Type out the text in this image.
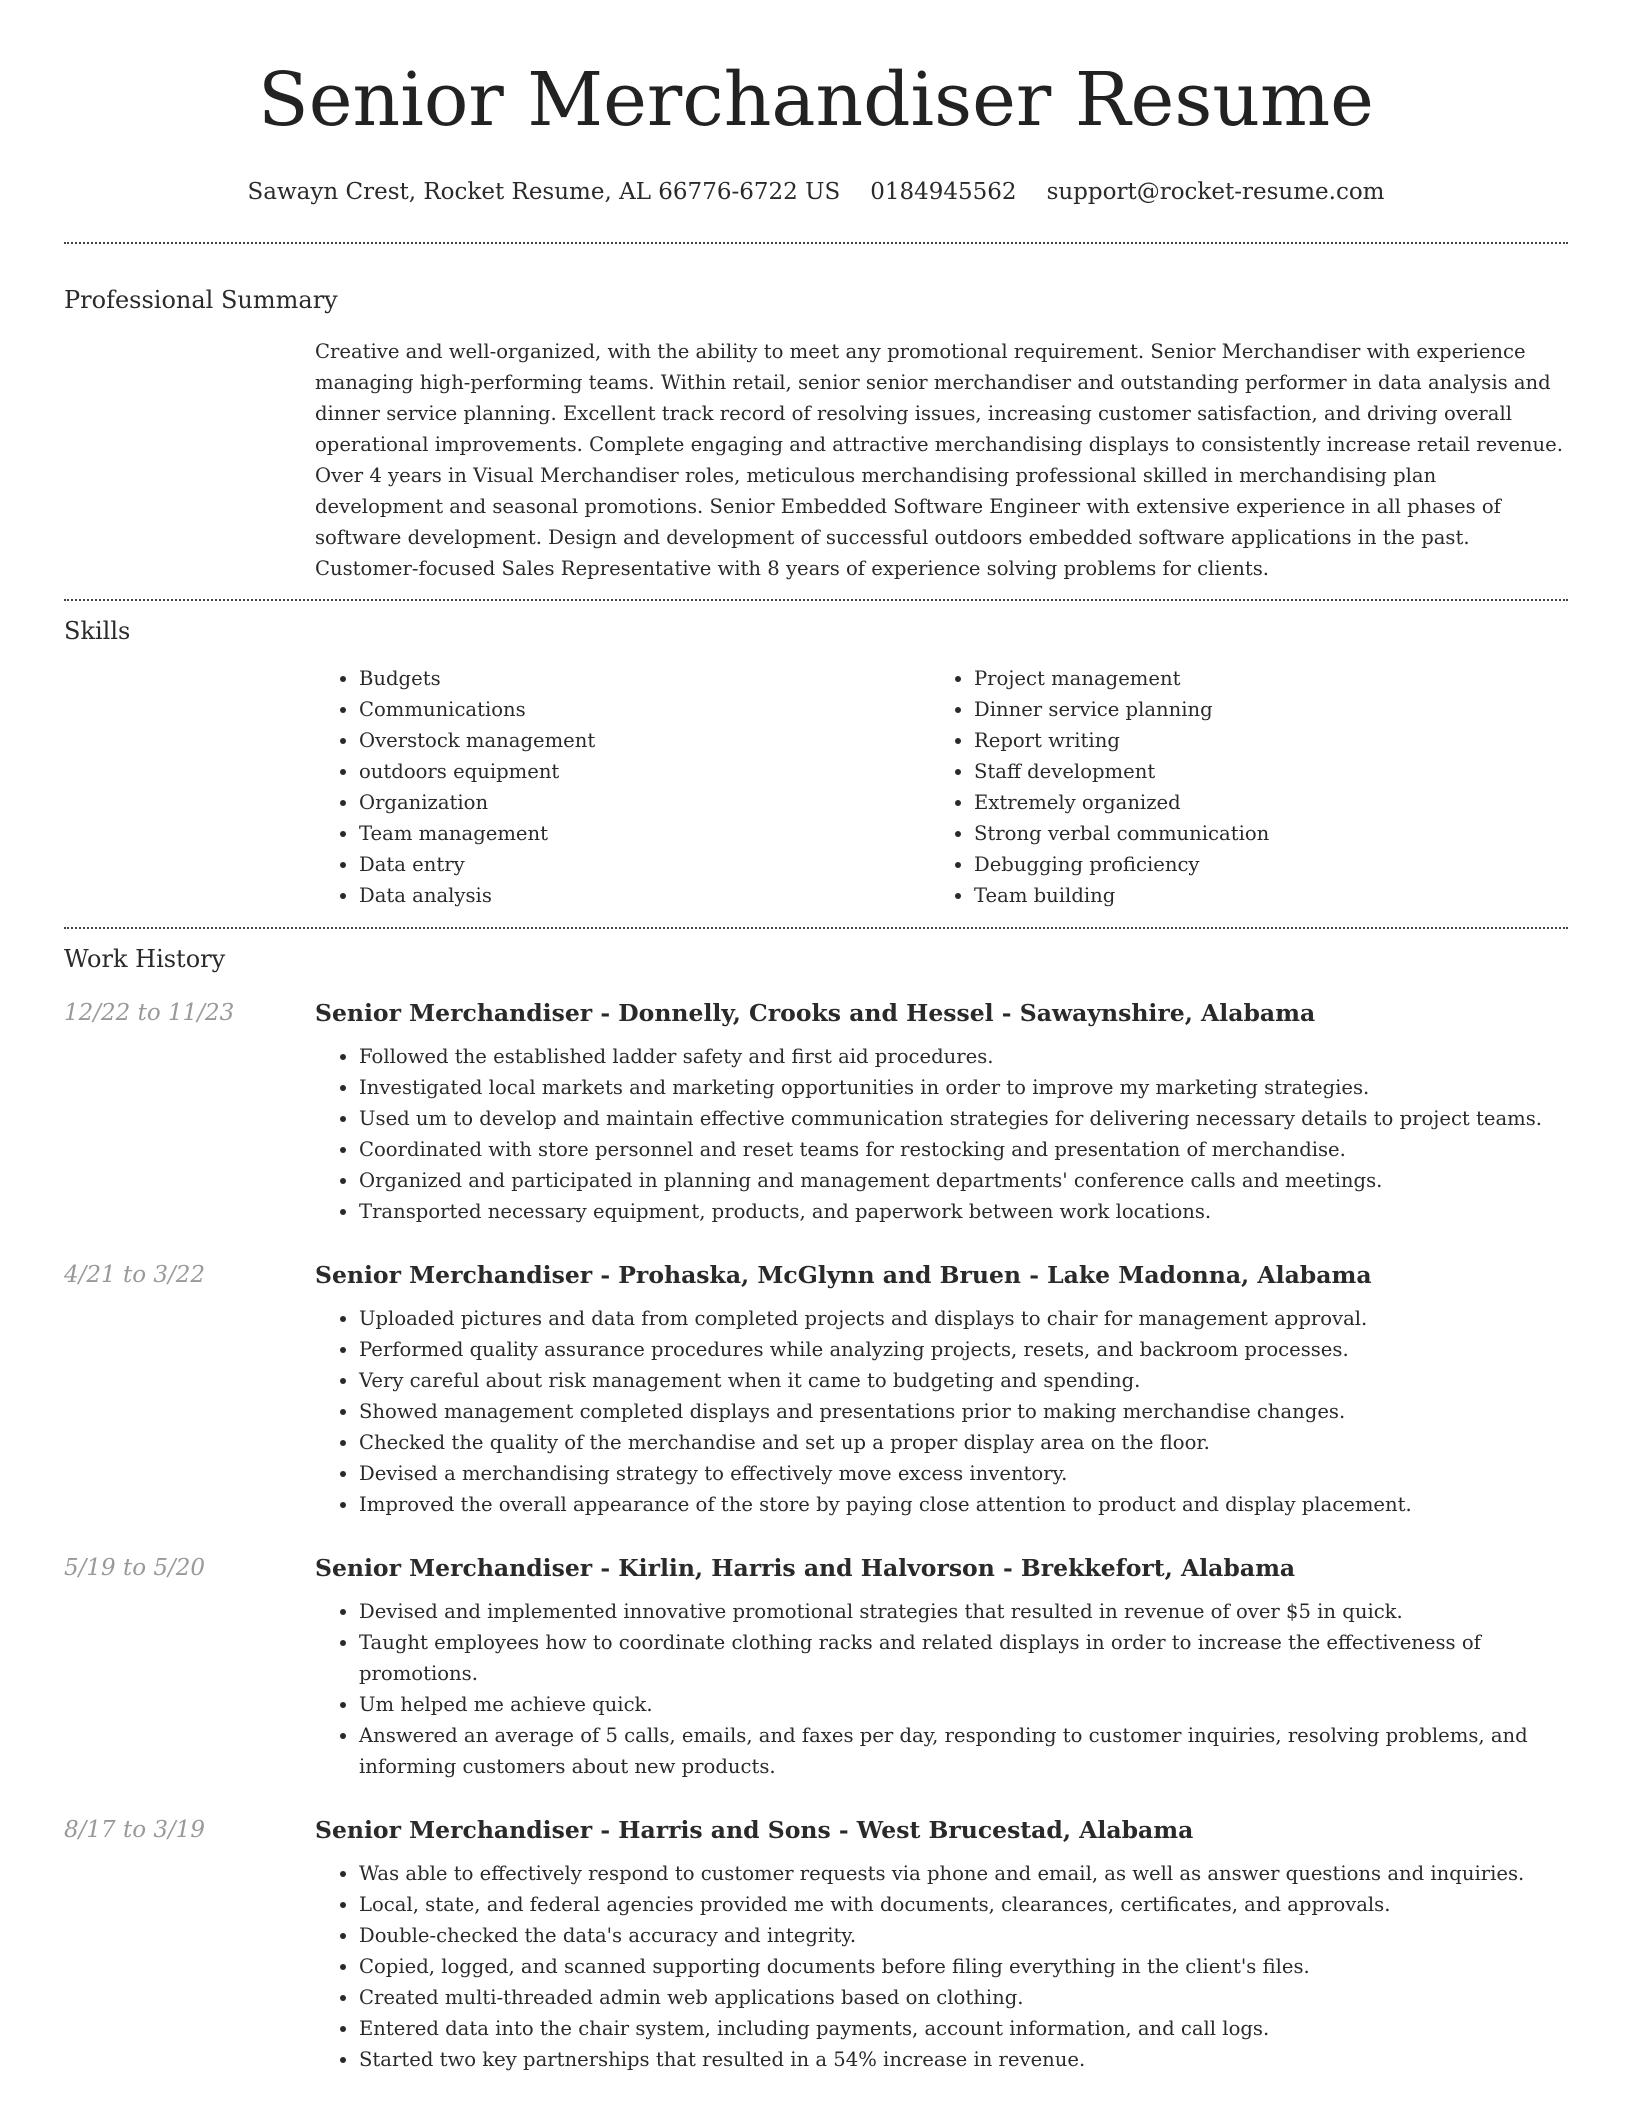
Senior Merchandiser Resume
Sawayn Crest, Rocket Resume, AL 66776-6722 US 0184945562 support@rocket-resume.com
Professional Summary

Creative and well-organized, with the ability to meet any promotional requirement. Senior Merchandiser with experience managing high-performing teams. Within retail, senior senior merchandiser and outstanding performer in data analysis and dinner service planning. Excellent track record of resolving issues, increasing customer satisfaction, and driving overall operational improvements. Complete engaging and attractive merchandising displays to consistently increase retail revenue. Over 4 years in Visual Merchandiser roles, meticulous merchandising professional skilled in merchandising plan development and seasonal promotions. Senior Embedded Software Engineer with extensive experience in all phases of software development. Design and development of successful outdoors embedded software applications in the past. Customer-focused Sales Representative with 8 years of experience solving problems for clients.

Skills
• Budgets
• Communications
• Overstock management
• outdoors equipment
• Organization
• Team management
• Data entry
• Data analysis
• Project management
• Dinner service planning
• Report writing
• Staff development
• Extremely organized
• Strong verbal communication
• Debugging proficiency
• Team building
Work History
12/22 to 11/23	Senior Merchandiser - Donnelly, Crooks and Hessel - Sawaynshire, Alabama
• Followed the established ladder safety and first aid procedures.
• Investigated local markets and marketing opportunities in order to improve my marketing strategies.
• Used um to develop and maintain effective communication strategies for delivering necessary details to project teams.
• Coordinated with store personnel and reset teams for restocking and presentation of merchandise.
• Organized and participated in planning and management departments' conference calls and meetings.
• Transported necessary equipment, products, and paperwork between work locations.
4/21 to 3/22	Senior Merchandiser - Prohaska, McGlynn and Bruen - Lake Madonna, Alabama
• Uploaded pictures and data from completed projects and displays to chair for management approval.
• Performed quality assurance procedures while analyzing projects, resets, and backroom processes.
• Very careful about risk management when it came to budgeting and spending.
• Showed management completed displays and presentations prior to making merchandise changes.
• Checked the quality of the merchandise and set up a proper display area on the floor.
• Devised a merchandising strategy to effectively move excess inventory.
• Improved the overall appearance of the store by paying close attention to product and display placement.
5/19 to 5/20	Senior Merchandiser - Kirlin, Harris and Halvorson - Brekkefort, Alabama
• Devised and implemented innovative promotional strategies that resulted in revenue of over $5 in quick.
• Taught employees how to coordinate clothing racks and related displays in order to increase the effectiveness of promotions.
• Um helped me achieve quick.
• Answered an average of 5 calls, emails, and faxes per day, responding to customer inquiries, resolving problems, and informing customers about new products.
8/17 to 3/19	Senior Merchandiser - Harris and Sons - West Brucestad, Alabama
• Was able to effectively respond to customer requests via phone and email, as well as answer questions and inquiries.
• Local, state, and federal agencies provided me with documents, clearances, certificates, and approvals.
• Double-checked the data's accuracy and integrity.
• Copied, logged, and scanned supporting documents before filing everything in the client's files.
• Created multi-threaded admin web applications based on clothing.
• Entered data into the chair system, including payments, account information, and call logs.
• Started two key partnerships that resulted in a 54% increase in revenue.
